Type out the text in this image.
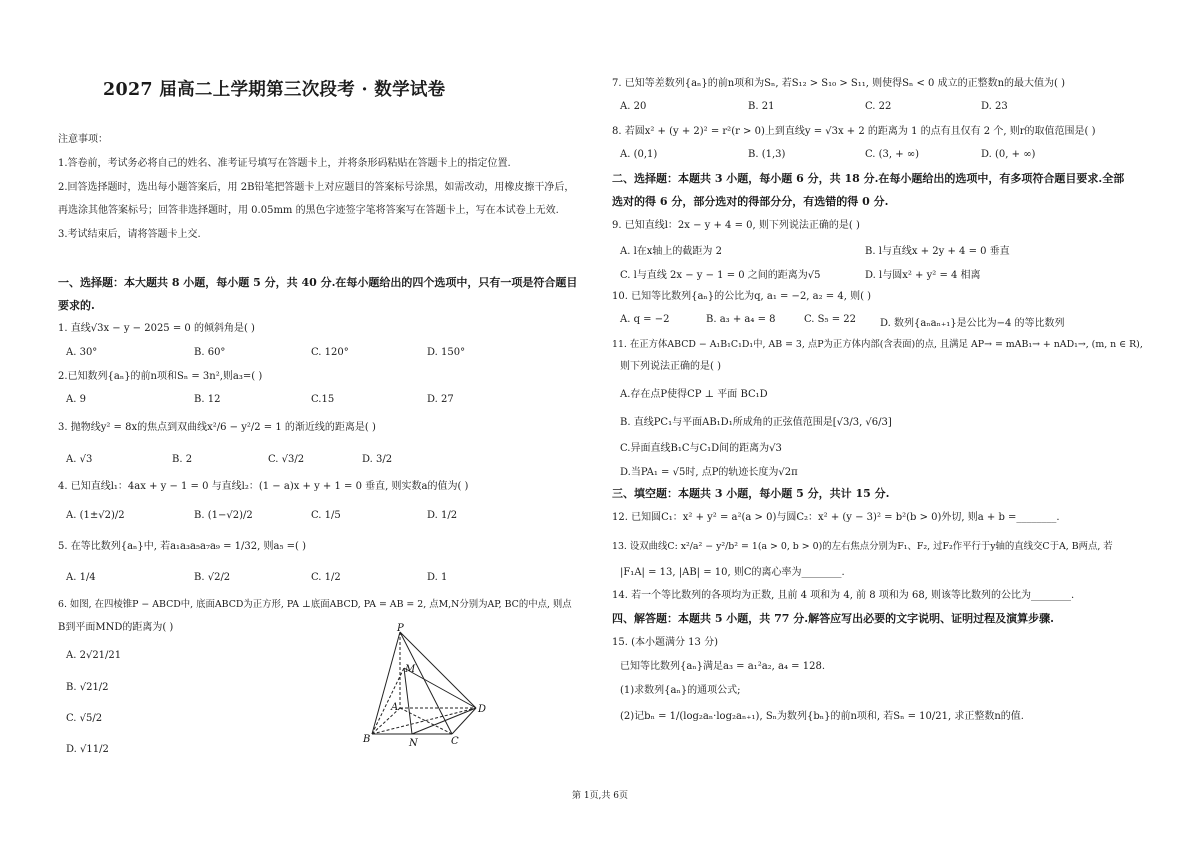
2027 届高二上学期第三次段考 · 数学试卷
注意事项：
1.答卷前，考试务必将自己的姓名、准考证号填写在答题卡上，并将条形码粘贴在答题卡上的指定位置.
2.回答选择题时，选出每小题答案后，用 2B铅笔把答题卡上对应题目的答案标号涂黑，如需改动，用橡皮擦干净后，
再选涂其他答案标号；回答非选择题时，用 0.05mm 的黑色字迹签字笔将答案写在答题卡上，写在本试卷上无效.
3.考试结束后，请将答题卡上交.
一、选择题：本大题共 8 小题，每小题 5 分，共 40 分.在每小题给出的四个选项中，只有一项是符合题目
要求的.
1. 直线√3x − y − 2025 = 0 的倾斜角是( )
A. 30°	B. 60°	C. 120°	D. 150°
2.已知数列{aₙ}的前n项和Sₙ = 3n²,则a₃=( )
A. 9	B. 12	C.15	D. 27
3. 抛物线y² = 8x的焦点到双曲线x²/6 − y²/2 = 1 的渐近线的距离是( )
A. √3	B. 2	C. √3/2	D. 3/2
4. 已知直线l₁：4ax + y − 1 = 0 与直线l₂：(1 − a)x + y + 1 = 0 垂直, 则实数a的值为( )
A. (1±√2)/2	B. (1−√2)/2	C. 1/5	D. 1/2
5. 在等比数列{aₙ}中, 若a₁a₃a₅a₇a₉ = 1/32, 则a₅ =( )
A. 1/4	B. √2/2	C. 1/2	D. 1
6. 如图, 在四棱锥P − ABCD中, 底面ABCD为正方形, PA ⊥底面ABCD, PA = AB = 2, 点M,N分别为AP, BC的中点, 则点
B到平面MND的距离为( )
A. 2√21/21
B. √21/2
C. √5/2
D. √11/2
P
M
A	D
B	N	C
7. 已知等差数列{aₙ}的前n项和为Sₙ, 若S₁₂ > S₁₀ > S₁₁, 则使得Sₙ < 0 成立的正整数n的最大值为( )
A. 20	B. 21	C. 22	D. 23
8. 若圆x² + (y + 2)² = r²(r > 0)上到直线y = √3x + 2 的距离为 1 的点有且仅有 2 个, 则r的取值范围是( )
A. (0,1)	B. (1,3)	C. (3, + ∞)	D. (0, + ∞)
二、选择题：本题共 3 小题，每小题 6 分，共 18 分.在每小题给出的选项中，有多项符合题目要求.全部
选对的得 6 分，部分选对的得部分分，有选错的得 0 分.
9. 已知直线l：2x − y + 4 = 0, 则下列说法正确的是( )
A. l在x轴上的截距为 2	B. l与直线x + 2y + 4 = 0 垂直
C. l与直线 2x − y − 1 = 0 之间的距离为√5	D. l与圆x² + y² = 4 相离
10. 已知等比数列{aₙ}的公比为q, a₁ = −2, a₂ = 4, 则( )
A. q = −2	B. a₃ + a₄ = 8	C. S₅ = 22 D. 数列{aₙaₙ₊₁}是公比为−4 的等比数列
11. 在正方体ABCD − A₁B₁C₁D₁中, AB = 3, 点P为正方体内部(含表面)的点, 且满足 AP→ = mAB₁→ + nAD₁→, (m, n ∈ R),
则下列说法正确的是( )
A.存在点P使得CP ⊥ 平面 BC₁D
B. 直线PC₁与平面AB₁D₁所成角的正弦值范围是[√3/3, √6/3]
C.异面直线B₁C与C₁D间的距离为√3
D.当PA₁ = √5时, 点P的轨迹长度为√2π
三、填空题：本题共 3 小题，每小题 5 分，共计 15 分.
12. 已知圆C₁：x² + y² = a²(a > 0)与圆C₂：x² + (y − 3)² = b²(b > 0)外切, 则a + b =________.
13. 设双曲线C: x²/a² − y²/b² = 1(a > 0, b > 0)的左右焦点分别为F₁、F₂, 过F₂作平行于y轴的直线交C于A, B两点, 若
|F₁A| = 13, |AB| = 10, 则C的离心率为________.
14. 若一个等比数列的各项均为正数, 且前 4 项和为 4, 前 8 项和为 68, 则该等比数列的公比为________.
四、解答题：本题共 5 小题，共 77 分.解答应写出必要的文字说明、证明过程及演算步骤.
15. (本小题满分 13 分)
已知等比数列{aₙ}满足a₃ = a₁²a₂, a₄ = 128.
(1)求数列{aₙ}的通项公式;
(2)记bₙ = 1/(log₂aₙ·log₂aₙ₊₁), Sₙ为数列{bₙ}的前n项和, 若Sₙ = 10/21, 求正整数n的值.
第 1页,共 6页
